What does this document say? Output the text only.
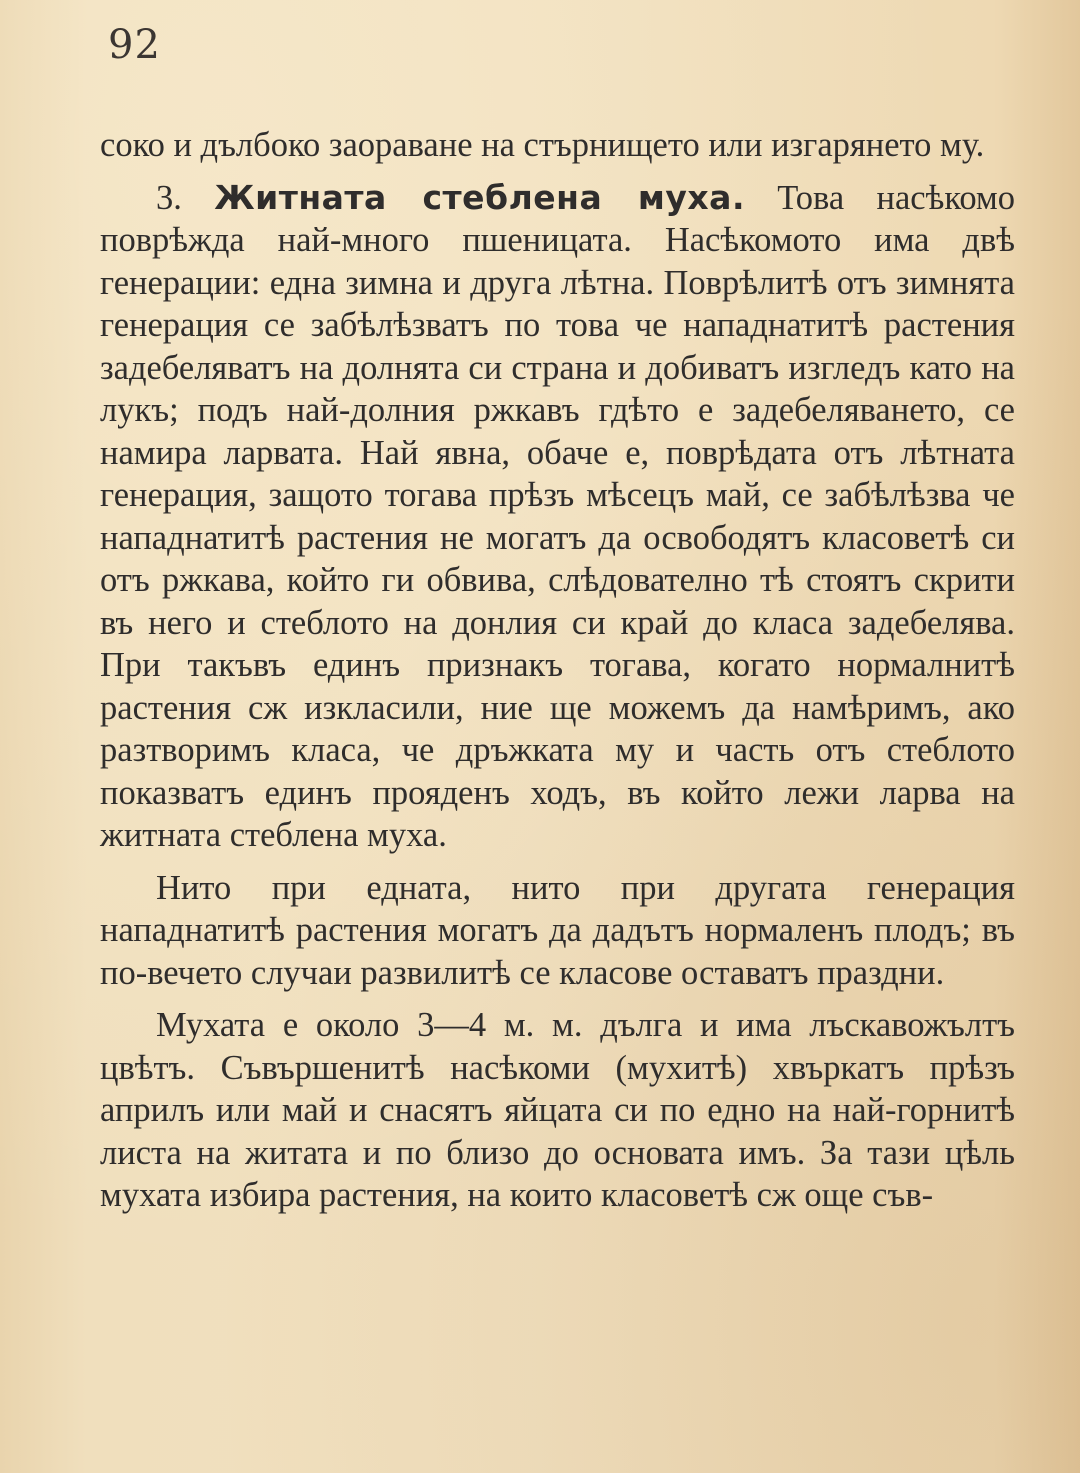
92

соко и дълбоко заораване на стърнището или изгарянето му.

3. Житната стеблена муха. Това насѣкомо поврѣжда най-много пшеницата. Насѣкомото има двѣ генерации: една зимна и друга лѣтна. Поврѣлитѣ отъ зимнята генерация се забѣлѣзватъ по това че нападнатитѣ растения задебеляватъ на долнята си страна и добиватъ изгледъ като на лукъ; подъ най-долния ржкавъ гдѣто е задебеляването, се намира ларвата. Най явна, обаче е, поврѣдата отъ лѣтната генерация, защото тогава прѣзъ мѣсецъ май, се забѣлѣзва че нападнатитѣ растения не могатъ да освободятъ класоветѣ си отъ ржкава, който ги обвива, слѣдователно тѣ стоятъ скрити въ него и стеблото на донлия си край до класа задебелява. При такъвъ единъ признакъ тогава, когато нормалнитѣ растения сж изкласили, ние ще можемъ да намѣримъ, ако разтворимъ класа, че дръжката му и часть отъ стеблото показватъ единъ прояденъ ходъ, въ който лежи ларва на житната стеблена муха.

Нито при едната, нито при другата генерация нападнатитѣ растения могатъ да дадътъ нормаленъ плодъ; въ по-вечето случаи развилитѣ се класове оставатъ праздни.

Мухата е около 3—4 м. м. дълга и има лъскавожълтъ цвѣтъ. Съвършенитѣ насѣкоми (мухитѣ) хвъркатъ прѣзъ априлъ или май и снасятъ яйцата си по едно на най-горнитѣ листа на житата и по близо до основата имъ. За тази цѣль мухата избира растения, на които класоветѣ сж още съв-
